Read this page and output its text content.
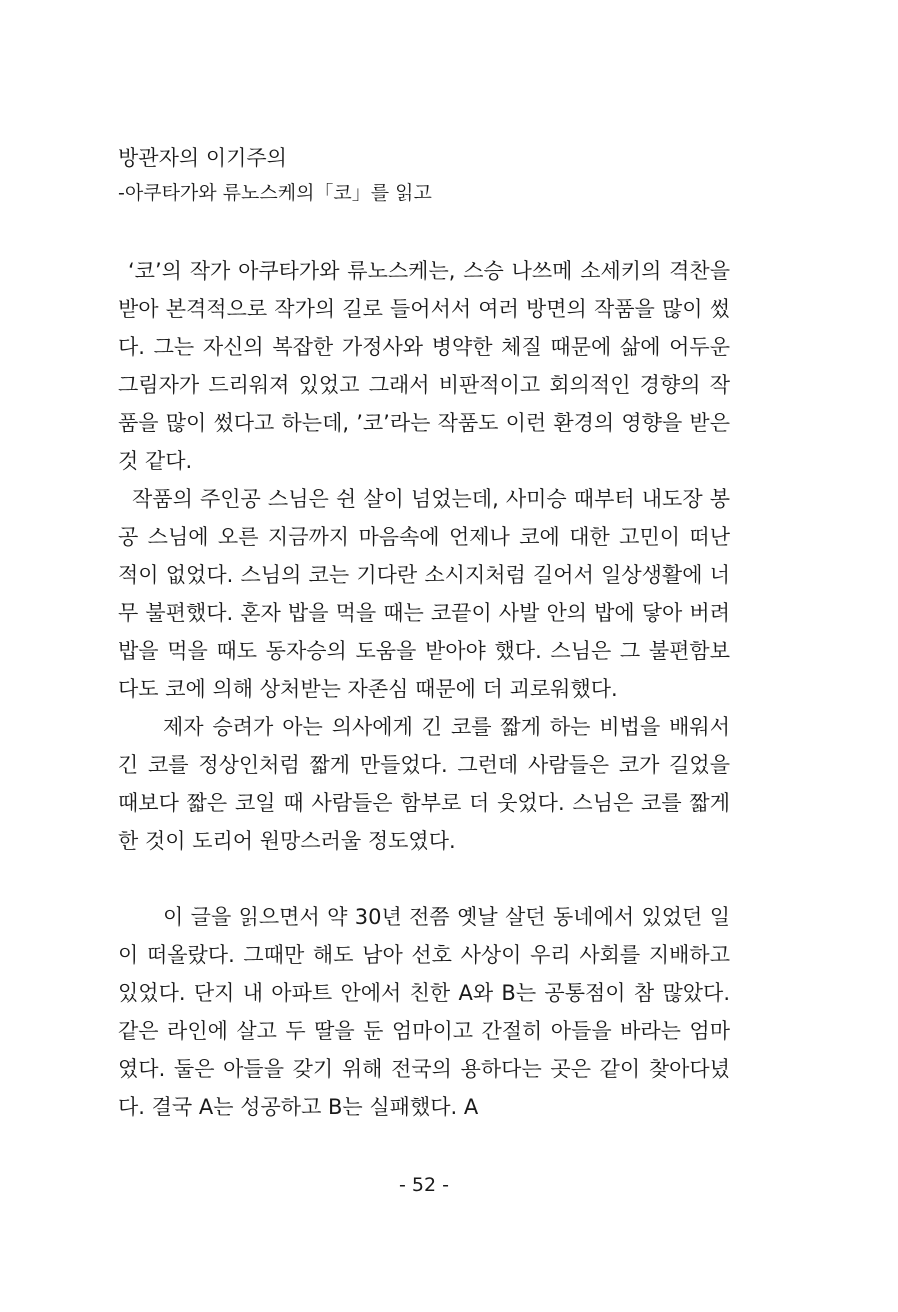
방관자의 이기주의
-아쿠타가와 류노스케의「코」를 읽고

‘코’의 작가 아쿠타가와 류노스케는, 스승 나쓰메 소세키의 격찬을 받아 본격적으로 작가의 길로 들어서서 여러 방면의 작품을 많이 썼다. 그는 자신의 복잡한 가정사와 병약한 체질 때문에 삶에 어두운 그림자가 드리워져 있었고 그래서 비판적이고 회의적인 경향의 작품을 많이 썼다고 하는데, ’코’라는 작품도 이런 환경의 영향을 받은 것 같다.

작품의 주인공 스님은 쉰 살이 넘었는데, 사미승 때부터 내도장 봉공 스님에 오른 지금까지 마음속에 언제나 코에 대한 고민이 떠난 적이 없었다. 스님의 코는 기다란 소시지처럼 길어서 일상생활에 너무 불편했다. 혼자 밥을 먹을 때는 코끝이 사발 안의 밥에 닿아 버려 밥을 먹을 때도 동자승의 도움을 받아야 했다. 스님은 그 불편함보다도 코에 의해 상처받는 자존심 때문에 더 괴로워했다.

제자 승려가 아는 의사에게 긴 코를 짧게 하는 비법을 배워서 긴 코를 정상인처럼 짧게 만들었다. 그런데 사람들은 코가 길었을 때보다 짧은 코일 때 사람들은 함부로 더 웃었다. 스님은 코를 짧게 한 것이 도리어 원망스러울 정도였다.

이 글을 읽으면서 약 30년 전쯤 옛날 살던 동네에서 있었던 일이 떠올랐다. 그때만 해도 남아 선호 사상이 우리 사회를 지배하고 있었다. 단지 내 아파트 안에서 친한 A와 B는 공통점이 참 많았다. 같은 라인에 살고 두 딸을 둔 엄마이고 간절히 아들을 바라는 엄마였다. 둘은 아들을 갖기 위해 전국의 용하다는 곳은 같이 찾아다녔다. 결국 A는 성공하고 B는 실패했다. A

- 52 -
